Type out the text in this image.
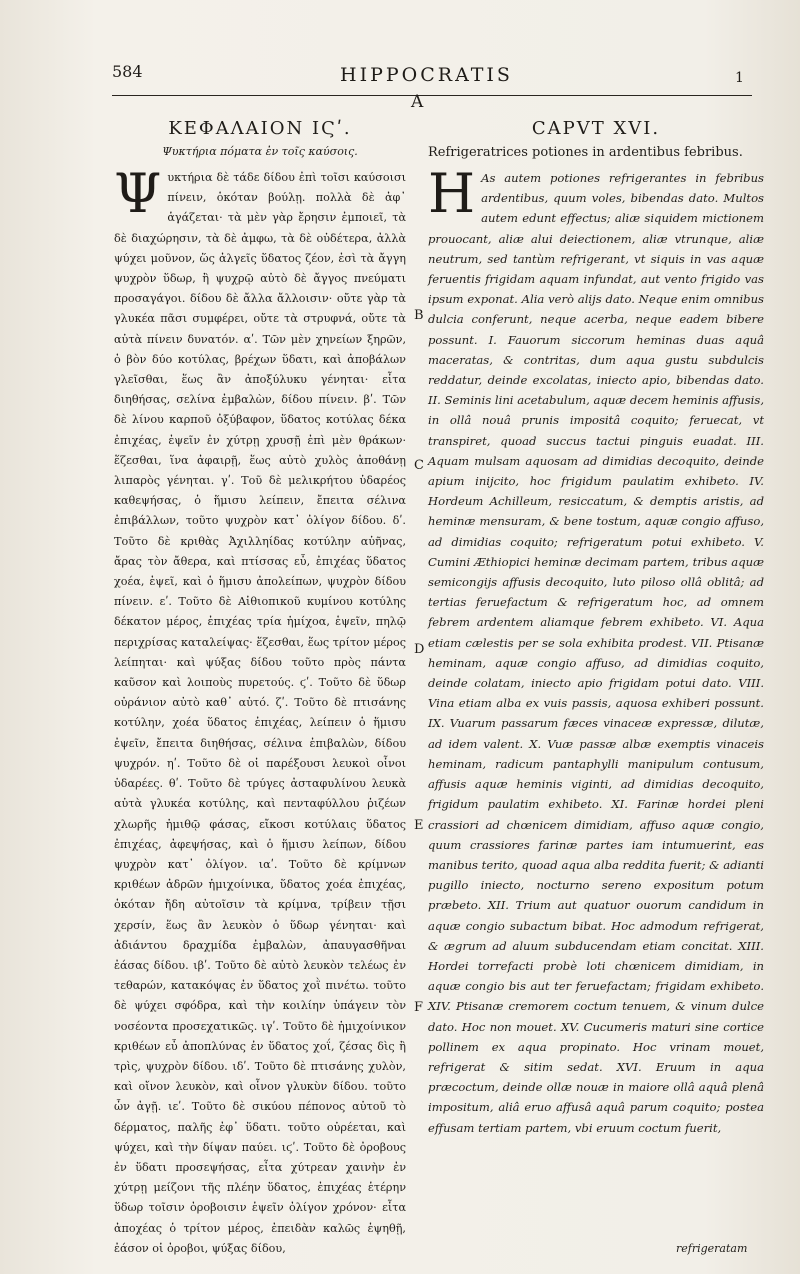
584	HIPPOCRATIS	1
A
ΚΕΦΑΛΑΙΟΝ ΙϚʹ.
Ψυκτήρια πόματα ἐν τοῖς καύσοις.

Ψυκτήρια δὲ τάδε δίδου ἐπὶ τοῖσι καύσοισι πίνειν, ὁκόταν βούλῃ. πολλὰ δὲ ἀφ᾽ ἁγάζεται· τὰ μὲν γὰρ ἔρησιν ἐμποιεῖ, τὰ δὲ διαχώρησιν, τὰ δὲ ἀμφω, τὰ δὲ οὐδέτερα, ἀλλὰ ψύχει μοῦνον, ὥς ἀλγεῖς ὕδατος ζέον, ἐσὶ τὰ ἄγγη ψυχρὸν ὕδωρ, ἢ ψυχρῷ αὐτὸ δὲ ἄγγος πνεύματι προσαγάγοι. δίδου δὲ ἄλλα ἄλλοισιν· οὔτε γὰρ τὰ γλυκέα πᾶσι συμφέρει, οὔτε τὰ στρυφνά, οὔτε τὰ αὐτὰ πίνειν δυνατόν. αʹ. Τῶν μὲν χηνείων ξηρῶν, ὁ βὸν δύο κοτύλας, βρέχων ὕδατι, καὶ ἀποβάλων γλεῖσθαι, ἕως ἂν ἀποξύλυκυ γένηται· εἶτα διηθήσας, σελίνα ἐμβαλὼν, δίδου πίνειν. βʹ. Τῶν δὲ λίνου καρποῦ ὀξύβαφον, ὕδατος κοτύλας δέκα ἐπιχέας, ἐψεῖν ἐν χύτρῃ χρυσῇ ἐπὶ μὲν θράκων· ἕζεσθαι, ἵνα ἀφαιρῇ, ἕως αὐτὸ χυλὸς ἀποθάνῃ λιπαρὸς γένηται. γʹ. Τοῦ δὲ μελικρήτου ὑδαρέος καθεψήσας, ὁ ἥμισυ λείπειν, ἔπειτα σέλινα ἐπιβάλλων, τοῦτο ψυχρὸν κατ᾽ ὀλίγον δίδου. δʹ. Τοῦτο δὲ κριθὰς Ἀχιλληίδας κοτύλην αὐῆνας, ἄρας τὸν ἄθερα, καὶ πτίσσας εὖ, ἐπιχέας ὕδατος χοέα, ἑψεῖ, καὶ ὁ ἥμισυ ἀπολείπων, ψυχρὸν δίδου πίνειν. εʹ. Τοῦτο δὲ Αἰθιοπικοῦ κυμίνου κοτύλης δέκατον μέρος, ἐπιχέας τρία ἡμίχοα, ἑψεῖν, πηλῷ περιχρίσας καταλείψας· ἕζεσθαι, ἕως τρίτον μέρος λείπηται· καὶ ψύξας δίδου τοῦτο πρὸς πάντα καῦσον καὶ λοιποὺς πυρετούς. ϛʹ. Τοῦτο δὲ ὕδωρ οὐράνιον αὐτὸ καθ᾽ αὑτό. ζʹ. Τοῦτο δὲ πτισάνης κοτύλην, χοέα ὕδατος ἐπιχέας, λείπειν ὁ ἥμισυ ἐψεῖν, ἔπειτα διηθήσας, σέλινα ἐπιβαλὼν, δίδου ψυχρόν. ηʹ. Τοῦτο δὲ οἱ παρέξουσι λευκοὶ οἶνοι ὑδαρέες. θʹ. Τοῦτο δὲ τρύγες ἀσταφυλίνου λευκὰ αὐτὰ γλυκέα κοτύλης, καὶ πενταφύλλου ῥιζέων χλωρῆς ἡμιθῷ φάσας, εἴκοσι κοτύλαις ὕδατος ἐπιχέας, ἀφεψήσας, καὶ ὁ ἥμισυ λείπων, δίδου ψυχρὸν κατ᾽ ὀλίγον. ιαʹ. Τοῦτο δὲ κρίμνων κριθέων ἀδρῶν ἡμιχοίνικα, ὕδατος χοέα ἐπιχέας, ὁκόταν ἤδη αὐτοῖσιν τὰ κρίμνα, τρίβειν τῇσι χερσίν, ἕως ἂν λευκὸν ὁ ὕδωρ γένηται· καὶ ἀδιάντου δραχμίδα ἐμβαλὼν, ἀπαυγασθῆναι ἐάσας δίδου. ιβʹ. Τοῦτο δὲ αὐτὸ λευκὸν τελέως ἐν τεθαρών, κατακόψας ἐν ὕδατος χοῒ πινέτω. τοῦτο δὲ ψύχει σφόδρα, καὶ τὴν κοιλίην ὑπάγειν τὸν νοσέοντα προσεχατικῶς. ιγʹ. Τοῦτο δὲ ἡμιχοίνικον κριθέων εὖ ἀποπλύνας ἐν ὕδατος χοΐ, ζέσας δὶς ἢ τρὶς, ψυχρὸν δίδου. ιδʹ. Τοῦτο δὲ πτισάνης χυλὸν, καὶ οἴνον λευκὸν, καὶ οἶνον γλυκὺν δίδου. τοῦτο ὧν ἀγῇ. ιεʹ. Τοῦτο δὲ σικύου πέπονος αὐτοῦ τὸ δέρματος, παλῆς ἐφ᾽ ὕδατι. τοῦτο οὐρέεται, καὶ ψύχει, καὶ τὴν δίψαν παύει. ιϛʹ. Τοῦτο δὲ ὀροβους ἐν ὕδατι προσεψήσας, εἶτα χύτρεαν χαινὴν ἐν χύτρῃ μείζονι τῆς πλέην ὕδατος, ἐπιχέας ἑτέρην ὕδωρ τοῖσιν ὀροβοισιν ἑψεῖν ὀλίγον χρόνον· εἶτα ἀποχέας ὁ τρίτον μέρος, ἐπειδὰν καλῶς ἑψηθῇ, ἐάσον οἱ ὀροβοι, ψύξας δίδου,

B
C
D
E
F
CAPVT XVI.
Refrigeratrices potiones in ardentibus febribus.

H As autem potiones refrigerantes in febribus ardentibus, quum voles, bibendas dato. Multos autem edunt effectus; aliæ siquidem mictionem prouocant, aliæ alui deiectionem, aliæ vtrunque, aliæ neutrum, sed tantùm refrigerant, vt siquis in vas aquæ feruentis frigidam aquam infundat, aut vento frigido vas ipsum exponat. Alia verò alijs dato. Neque enim omnibus dulcia conferunt, neque acerba, neque eadem bibere possunt. I. Fauorum siccorum heminas duas aquâ maceratas, & contritas, dum aqua gustu subdulcis reddatur, deinde excolatas, iniecto apio, bibendas dato. II. Seminis lini acetabulum, aquæ decem heminis affusis, in ollâ nouâ prunis impositâ coquito; feruecat, vt transpiret, quoad succus tactui pinguis euadat. III. Aquam mulsam aquosam ad dimidias decoquito, deinde apium inijcito, hoc frigidum paulatim exhibeto. IV. Hordeum Achilleum, resiccatum, & demptis aristis, ad heminæ mensuram, & bene tostum, aquæ congio affuso, ad dimidias coquito; refrigeratum potui exhibeto. V. Cumini Æthiopici heminæ decimam partem, tribus aquæ semicongijs affusis decoquito, luto piloso ollâ oblitâ; ad tertias feruefactum & refrigeratum hoc, ad omnem febrem ardentem aliamque febrem exhibeto. VI. Aqua etiam cælestis per se sola exhibita prodest. VII. Ptisanæ heminam, aquæ congio affuso, ad dimidias coquito, deinde colatam, iniecto apio frigidam potui dato. VIII. Vina etiam alba ex vuis passis, aquosa exhiberi possunt. IX. Vuarum passarum fæces vinaceæ expressæ, dilutæ, ad idem valent. X. Vuæ passæ albæ exemptis vinaceis heminam, radicum pantaphylli manipulum contusum, affusis aquæ heminis viginti, ad dimidias decoquito, frigidum paulatim exhibeto. XI. Farinæ hordei pleni crassiori ad chœnicem dimidiam, affuso aquæ congio, quum crassiores farinæ partes iam intumuerint, eas manibus terito, quoad aqua alba reddita fuerit; & adianti pugillo iniecto, nocturno sereno expositum potum præbeto. XII. Trium aut quatuor ouorum candidum in aquæ congio subactum bibat. Hoc admodum refrigerat, & ægrum ad aluum subducendam etiam concitat. XIII. Hordei torrefacti probè loti chœnicem dimidiam, in aquæ congio bis aut ter feruefactam; frigidam exhibeto. XIV. Ptisanæ cremorem coctum tenuem, & vinum dulce dato. Hoc non mouet. XV. Cucumeris maturi sine cortice pollinem ex aqua propinato. Hoc vrinam mouet, refrigerat & sitim sedat. XVI. Eruum in aqua præcoctum, deinde ollæ nouæ in maiore ollâ aquâ plenâ impositum, aliâ eruo affusâ aquâ parum coquito; postea effusam tertiam partem, vbi eruum coctum fuerit,

refrigeratam
